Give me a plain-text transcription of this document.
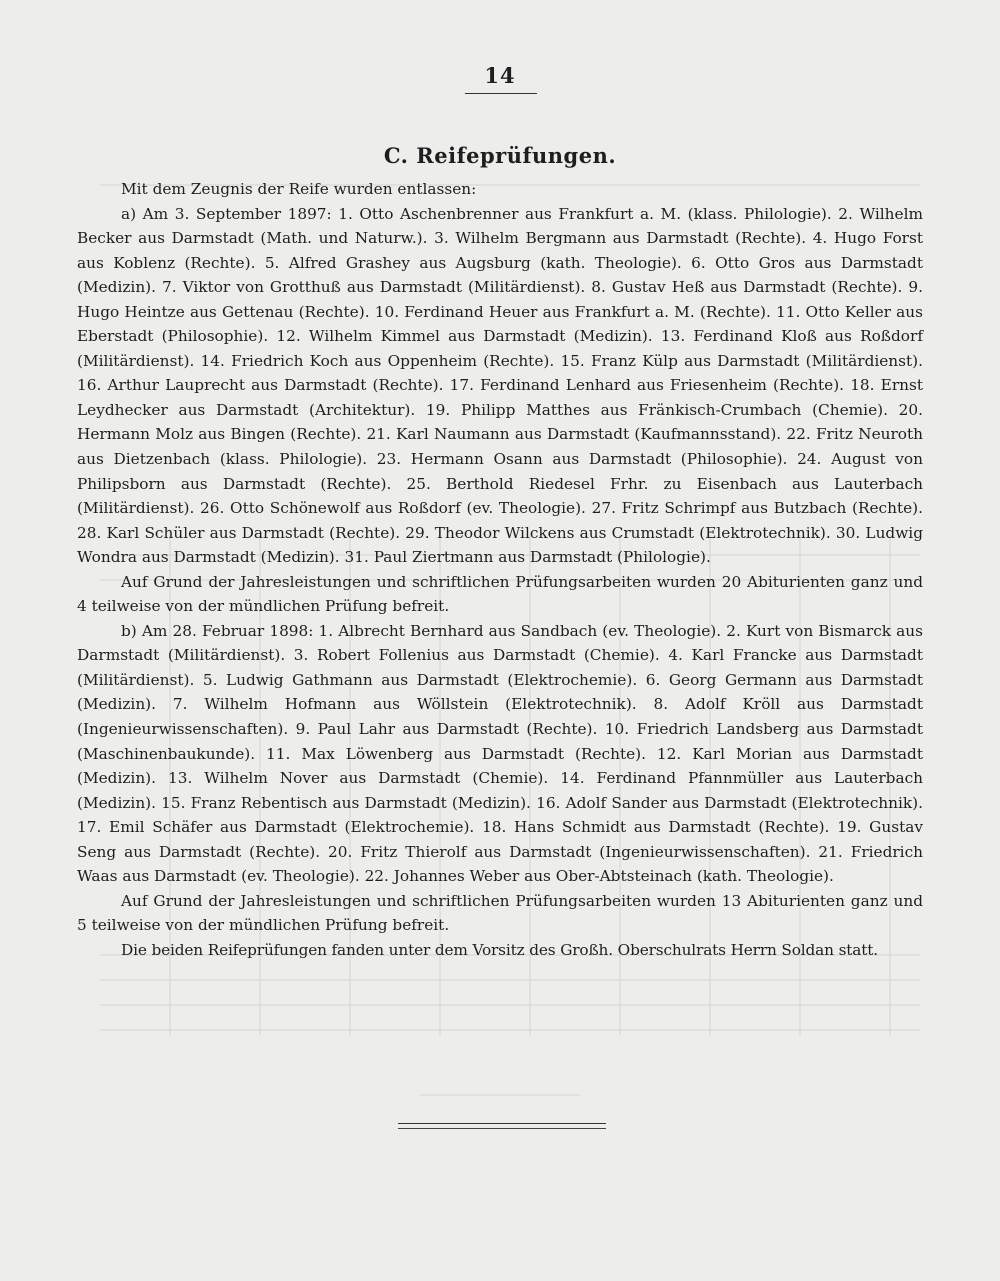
14
C. Reifeprüfungen.

Mit dem Zeugnis der Reife wurden entlassen:

a) Am 3. September 1897: 1. Otto Aschenbrenner aus Frankfurt a. M. (klass. Philologie). 2. Wilhelm Becker aus Darmstadt (Math. und Naturw.). 3. Wilhelm Bergmann aus Darmstadt (Rechte). 4. Hugo Forst aus Koblenz (Rechte). 5. Alfred Grashey aus Augsburg (kath. Theologie). 6. Otto Gros aus Darmstadt (Medizin). 7. Viktor von Grotthuß aus Darmstadt (Militärdienst). 8. Gustav Heß aus Darmstadt (Rechte). 9. Hugo Heintze aus Gettenau (Rechte). 10. Ferdinand Heuer aus Frankfurt a. M. (Rechte). 11. Otto Keller aus Eberstadt (Philosophie). 12. Wilhelm Kimmel aus Darmstadt (Medizin). 13. Ferdinand Kloß aus Roßdorf (Militärdienst). 14. Friedrich Koch aus Oppenheim (Rechte). 15. Franz Külp aus Darmstadt (Militärdienst). 16. Arthur Lauprecht aus Darmstadt (Rechte). 17. Ferdinand Lenhard aus Friesenheim (Rechte). 18. Ernst Leydhecker aus Darmstadt (Architektur). 19. Philipp Matthes aus Fränkisch-Crumbach (Chemie). 20. Hermann Molz aus Bingen (Rechte). 21. Karl Naumann aus Darmstadt (Kaufmannsstand). 22. Fritz Neuroth aus Dietzenbach (klass. Philologie). 23. Hermann Osann aus Darmstadt (Philosophie). 24. August von Philipsborn aus Darmstadt (Rechte). 25. Berthold Riedesel Frhr. zu Eisenbach aus Lauterbach (Militärdienst). 26. Otto Schönewolf aus Roßdorf (ev. Theologie). 27. Fritz Schrimpf aus Butzbach (Rechte). 28. Karl Schüler aus Darmstadt (Rechte). 29. Theodor Wilckens aus Crumstadt (Elektrotechnik). 30. Ludwig Wondra aus Darmstadt (Medizin). 31. Paul Ziertmann aus Darmstadt (Philologie).

Auf Grund der Jahresleistungen und schriftlichen Prüfungsarbeiten wurden 20 Abiturienten ganz und 4 teilweise von der mündlichen Prüfung befreit.

b) Am 28. Februar 1898: 1. Albrecht Bernhard aus Sandbach (ev. Theologie). 2. Kurt von Bismarck aus Darmstadt (Militärdienst). 3. Robert Follenius aus Darmstadt (Chemie). 4. Karl Francke aus Darmstadt (Militärdienst). 5. Ludwig Gathmann aus Darmstadt (Elektrochemie). 6. Georg Germann aus Darmstadt (Medizin). 7. Wilhelm Hofmann aus Wöllstein (Elektrotechnik). 8. Adolf Kröll aus Darmstadt (Ingenieurwissenschaften). 9. Paul Lahr aus Darmstadt (Rechte). 10. Friedrich Landsberg aus Darmstadt (Maschinenbaukunde). 11. Max Löwenberg aus Darmstadt (Rechte). 12. Karl Morian aus Darmstadt (Medizin). 13. Wilhelm Nover aus Darmstadt (Chemie). 14. Ferdinand Pfannmüller aus Lauterbach (Medizin). 15. Franz Rebentisch aus Darmstadt (Medizin). 16. Adolf Sander aus Darmstadt (Elektrotechnik). 17. Emil Schäfer aus Darmstadt (Elektrochemie). 18. Hans Schmidt aus Darmstadt (Rechte). 19. Gustav Seng aus Darmstadt (Rechte). 20. Fritz Thierolf aus Darmstadt (Ingenieurwissenschaften). 21. Friedrich Waas aus Darmstadt (ev. Theologie). 22. Johannes Weber aus Ober-Abtsteinach (kath. Theologie).

Auf Grund der Jahresleistungen und schriftlichen Prüfungsarbeiten wurden 13 Abiturienten ganz und 5 teilweise von der mündlichen Prüfung befreit.

Die beiden Reifeprüfungen fanden unter dem Vorsitz des Großh. Oberschulrats Herrn Soldan statt.
